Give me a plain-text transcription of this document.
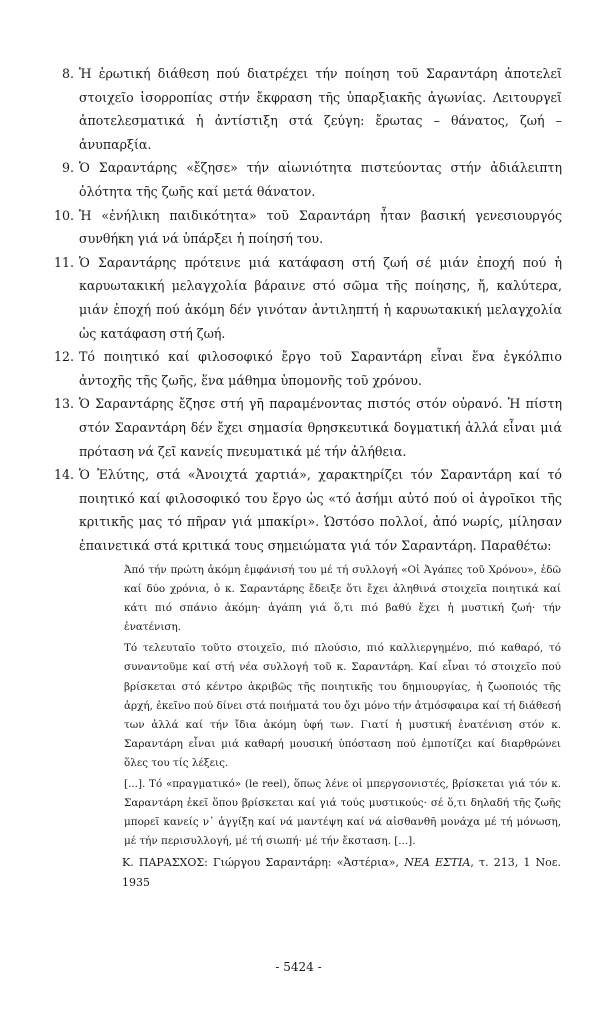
8. Ἡ ἐρωτική διάθεση πού διατρέχει τήν ποίηση τοῦ Σαραντάρη ἀποτελεῖ στοιχεῖο ἰσορροπίας στήν ἔκφραση τῆς ὑπαρξιακῆς ἀγωνίας. Λειτουργεῖ ἀποτελεσματικά ἡ ἀντίστιξη στά ζεύγη: ἔρωτας – θάνατος, ζωή – ἀνυπαρξία.
9. Ὁ Σαραντάρης «ἔζησε» τήν αἰωνιότητα πιστεύοντας στήν ἀδιάλειπτη ὁλότητα τῆς ζωῆς καί μετά θάνατον.
10. Ἡ «ἐνήλικη παιδικότητα» τοῦ Σαραντάρη ἦταν βασική γενεσιουργός συνθήκη γιά νά ὑπάρξει ἡ ποίησή του.
11. Ὁ Σαραντάρης πρότεινε μιά κατάφαση στή ζωή σέ μιάν ἐποχή πού ἡ καρυωτακική μελαγχολία βάραινε στό σῶμα τῆς ποίησης, ἤ, καλύτερα, μιάν ἐποχή πού ἀκόμη δέν γινόταν ἀντιληπτή ἡ καρυωτακική μελαγχολία ὡς κατάφαση στή ζωή.
12. Τό ποιητικό καί φιλοσοφικό ἔργο τοῦ Σαραντάρη εἶναι ἕνα ἐγκόλπιο ἀντοχῆς τῆς ζωῆς, ἕνα μάθημα ὑπομονῆς τοῦ χρόνου.
13. Ὁ Σαραντάρης ἔζησε στή γῆ παραμένοντας πιστός στόν οὐρανό. Ἡ πίστη στόν Σαραντάρη δέν ἔχει σημασία θρησκευτικά δογματική ἀλλά εἶναι μιά πρόταση νά ζεῖ κανείς πνευματικά μέ τήν ἀλήθεια.
14. Ὁ Ἐλύτης, στά «Ἀνοιχτά χαρτιά», χαρακτηρίζει τόν Σαραντάρη καί τό ποιητικό καί φιλοσοφικό του ἔργο ὡς «τό ἀσήμι αὐτό πού οἱ ἀγροῖκοι τῆς κριτικῆς μας τό πῆραν γιά μπακίρι». Ὡστόσο πολλοί, ἀπό νωρίς, μίλησαν ἐπαινετικά στά κριτικά τους σημειώματα γιά τόν Σαραντάρη. Παραθέτω:

Ἀπό τήν πρώτη ἀκόμη ἐμφάνισή του μέ τή συλλογή «Οἱ Ἀγάπες τοῦ Χρόνου», ἐδῶ καί δύο χρόνια, ὁ κ. Σαραντάρης ἔδειξε ὅτι ἔχει ἀληθινά στοιχεῖα ποιητικά καί κάτι πιό σπάνιο ἀκόμη· ἀγάπη γιά ὅ,τι πιό βαθύ ἔχει ἡ μυστική ζωή· τήν ἐνατένιση.

Τό τελευταῖο τοῦτο στοιχεῖο, πιό πλούσιο, πιό καλλιεργημένο, πιό καθαρό, τό συναντοῦμε καί στή νέα συλλογή τοῦ κ. Σαραντάρη. Καί εἶναι τό στοιχεῖο πού βρίσκεται στό κέντρο ἀκριβῶς τῆς ποιητικῆς του δημιουργίας, ἡ ζωοποιός τῆς ἀρχή, ἐκεῖνο πού δίνει στά ποιήματά του ὄχι μόνο τήν ἀτμόσφαιρα καί τή διάθεσή των ἀλλά καί τήν ἴδια ἀκόμη ὑφή των. Γιατί ἡ μυστική ἐνατένιση στόν κ. Σαραντάρη εἶναι μιά καθαρή μουσική ὑπόσταση πού ἐμποτίζει καί διαρθρώνει ὅλες του τίς λέξεις.

[...]. Τό «πραγματικό» (le reel), ὅπως λένε οἱ μπεργσονιστές, βρίσκεται γιά τόν κ. Σαραντάρη ἐκεῖ ὅπου βρίσκεται καί γιά τούς μυστικούς· σέ ὅ,τι δηλαδή τῆς ζωῆς μπορεῖ κανείς ν᾽ ἀγγίξη καί νά μαντέψη καί νά αἰσθανθῆ μονάχα μέ τή μόνωση, μέ τήν περισυλλογή, μέ τή σιωπή· μέ τήν ἔκσταση. [...].

Κ. ΠΑΡΑΣΧΟΣ: Γιώργου Σαραντάρη: «Ἀστέρια», ΝΕΑ ΕΣΤΙΑ, τ. 213, 1 Νοε. 1935
- 5424 -
